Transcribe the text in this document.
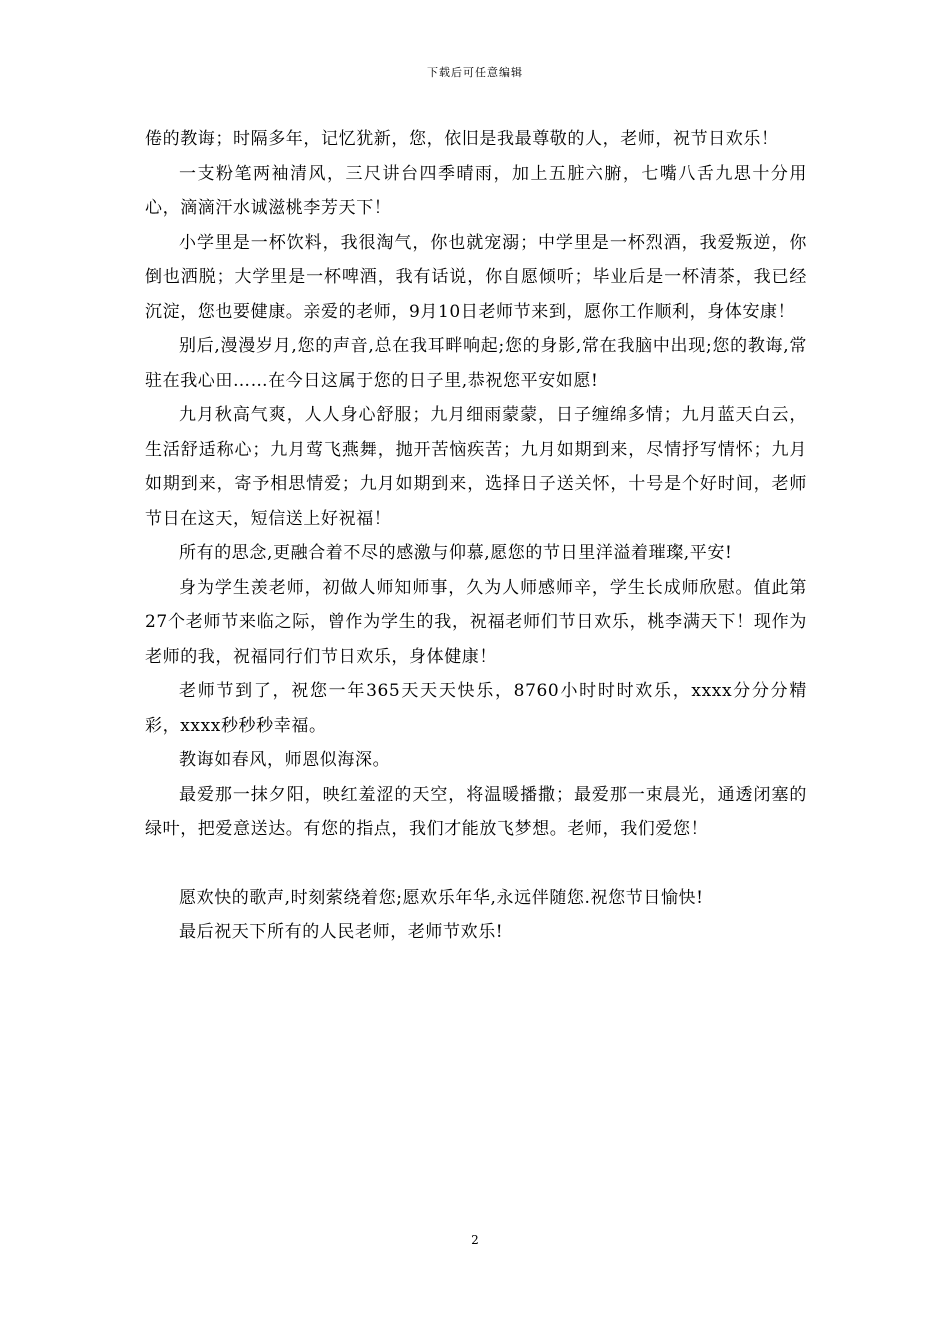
下载后可任意编辑

倦的教诲；时隔多年，记忆犹新，您，依旧是我最尊敬的人，老师，祝节日欢乐！

一支粉笔两袖清风，三尺讲台四季晴雨，加上五脏六腑，七嘴八舌九思十分用心，滴滴汗水诚滋桃李芳天下！

小学里是一杯饮料，我很淘气，你也就宠溺；中学里是一杯烈酒，我爱叛逆，你倒也洒脱；大学里是一杯啤酒，我有话说，你自愿倾听；毕业后是一杯清茶，我已经沉淀，您也要健康。亲爱的老师，9月10日老师节来到，愿你工作顺利，身体安康！

别后,漫漫岁月,您的声音,总在我耳畔响起;您的身影,常在我脑中出现;您的教诲,常驻在我心田……在今日这属于您的日子里,恭祝您平安如愿!

九月秋高气爽，人人身心舒服；九月细雨蒙蒙，日子缠绵多情；九月蓝天白云，生活舒适称心；九月莺飞燕舞，抛开苦恼疾苦；九月如期到来，尽情抒写情怀；九月如期到来，寄予相思情爱；九月如期到来，选择日子送关怀，十号是个好时间，老师节日在这天，短信送上好祝福！

所有的思念,更融合着不尽的感激与仰慕,愿您的节日里洋溢着璀璨,平安!

身为学生羡老师，初做人师知师事，久为人师感师辛，学生长成师欣慰。值此第27个老师节来临之际，曾作为学生的我，祝福老师们节日欢乐，桃李满天下！现作为老师的我，祝福同行们节日欢乐，身体健康！

老师节到了，祝您一年365天天天快乐，8760小时时时欢乐，xxxx分分分精彩，xxxx秒秒秒幸福。

教诲如春风，师恩似海深。

最爱那一抹夕阳，映红羞涩的天空，将温暖播撒；最爱那一束晨光，通透闭塞的绿叶，把爱意送达。有您的指点，我们才能放飞梦想。老师，我们爱您！

愿欢快的歌声,时刻萦绕着您;愿欢乐年华,永远伴随您.祝您节日愉快!

最后祝天下所有的人民老师，老师节欢乐!

2
